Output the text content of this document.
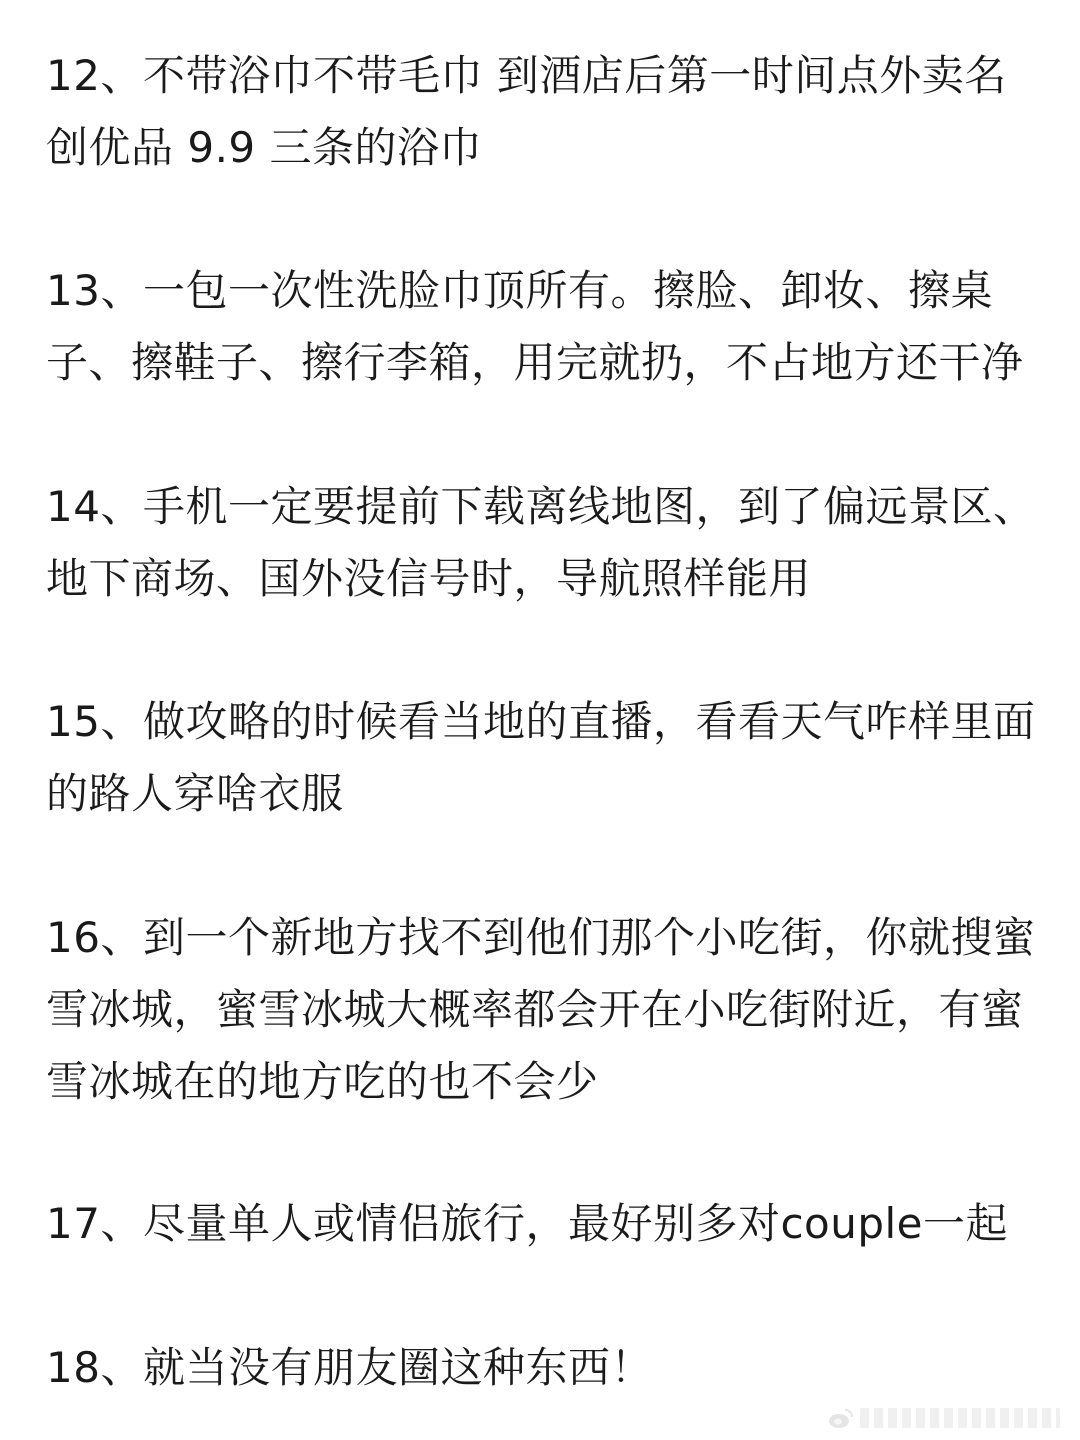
12、不带浴巾不带毛巾 到酒店后第一时间点外卖名
创优品 9.9 三条的浴巾
13、一包一次性洗脸巾顶所有。擦脸、卸妆、擦桌
子、擦鞋子、擦行李箱，用完就扔，不占地方还干净
14、手机一定要提前下载离线地图，到了偏远景区、
地下商场、国外没信号时，导航照样能用
15、做攻略的时候看当地的直播，看看天气咋样里面
的路人穿啥衣服
16、到一个新地方找不到他们那个小吃街，你就搜蜜
雪冰城，蜜雪冰城大概率都会开在小吃街附近，有蜜
雪冰城在的地方吃的也不会少
17、尽量单人或情侣旅行，最好别多对couple一起
18、就当没有朋友圈这种东西！
